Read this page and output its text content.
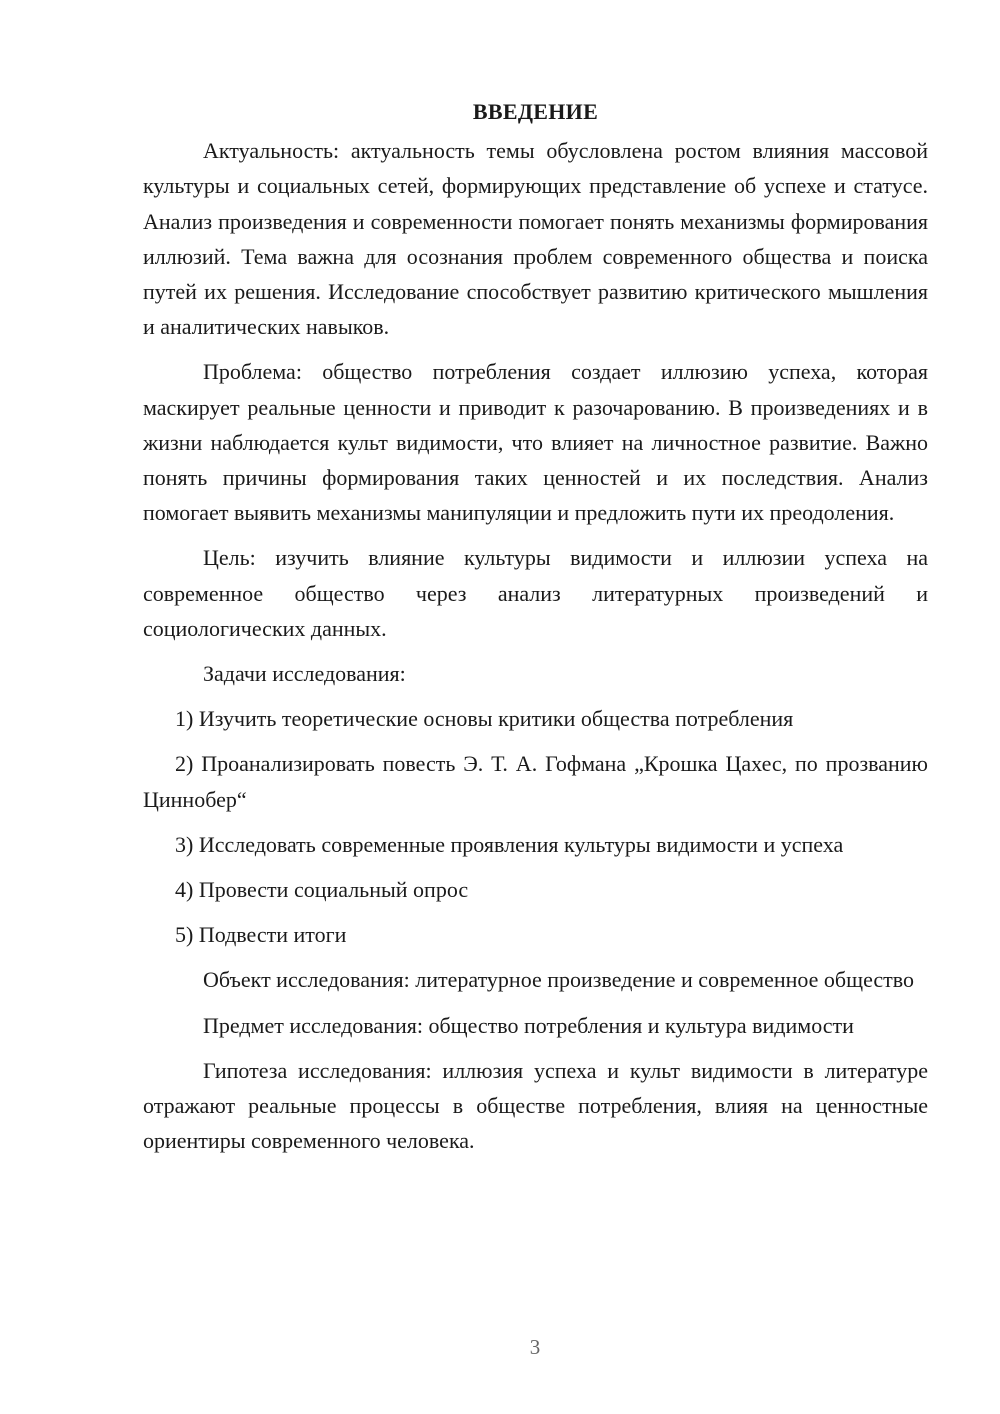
ВВЕДЕНИЕ

Актуальность: актуальность темы обусловлена ростом влияния массовой культуры и социальных сетей, формирующих представление об успехе и статусе. Анализ произведения и современности помогает понять механизмы формирования иллюзий. Тема важна для осознания проблем современного общества и поиска путей их решения. Исследование способствует развитию критического мышления и аналитических навыков.

Проблема: общество потребления создает иллюзию успеха, которая маскирует реальные ценности и приводит к разочарованию. В произведениях и в жизни наблюдается культ видимости, что влияет на личностное развитие. Важно понять причины формирования таких ценностей и их последствия. Анализ помогает выявить механизмы манипуляции и предложить пути их преодоления.

Цель: изучить влияние культуры видимости и иллюзии успеха на современное общество через анализ литературных произведений и социологических данных.

Задачи исследования:

1) Изучить теоретические основы критики общества потребления

2) Проанализировать повесть Э. Т. А. Гофмана „Крошка Цахес, по прозванию Циннобер“

3) Исследовать современные проявления культуры видимости и успеха

4) Провести социальный опрос

5) Подвести итоги

Объект исследования: литературное произведение и современное общество

Предмет исследования: общество потребления и культура видимости

Гипотеза исследования: иллюзия успеха и культ видимости в литературе отражают реальные процессы в обществе потребления, влияя на ценностные ориентиры современного человека.

3
